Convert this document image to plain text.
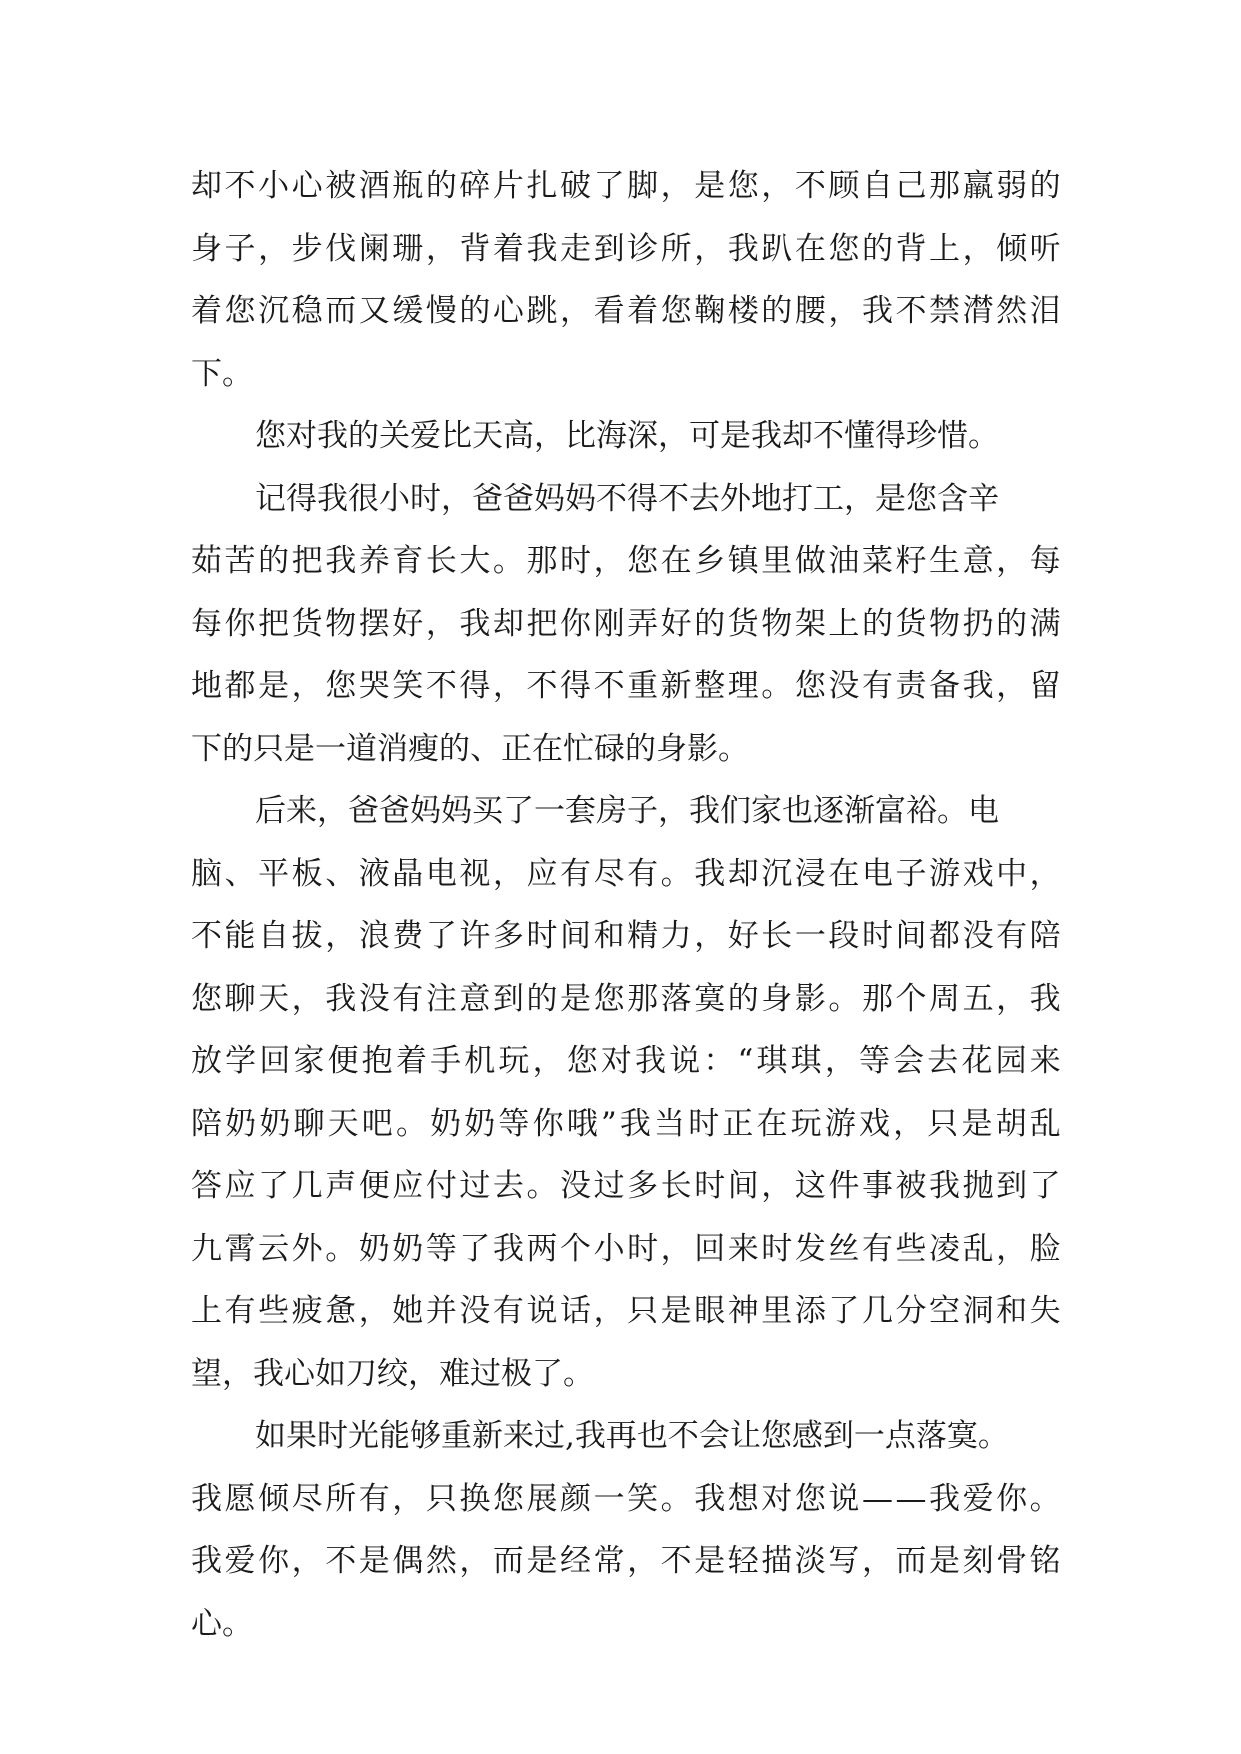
却 不 小 心 被 酒 瓶 的 碎 片 扎 破 了 脚 ， 是 您 ， 不 顾 自 己 那 羸 弱 的
身 子 ， 步 伐 阑 珊 ， 背 着 我 走 到 诊 所 ， 我 趴 在 您 的 背 上 ， 倾 听
着 您 沉 稳 而 又 缓 慢 的 心 跳 ， 看 着 您 鞠 楼 的 腰 ， 我 不 禁 潸 然 泪
下。
您对我的关爱比天高，比海深，可是我却不懂得珍惜。
记得我很小时，爸爸妈妈不得不去外地打工，是您含辛
茹 苦 的 把 我 养 育 长 大 。 那 时 ， 您 在 乡 镇 里 做 油 菜 籽 生 意 ， 每
每 你 把 货 物 摆 好 ， 我 却 把 你 刚 弄 好 的 货 物 架 上 的 货 物 扔 的 满
地 都 是 ， 您 哭 笑 不 得 ， 不 得 不 重 新 整 理 。 您 没 有 责 备 我 ， 留
下的只是一道消瘦的、正在忙碌的身影。
后来，爸爸妈妈买了一套房子，我们家也逐渐富裕。电
脑 、 平 板 、 液 晶 电 视 ， 应 有 尽 有 。 我 却 沉 浸 在 电 子 游 戏 中 ，
不 能 自 拔 ， 浪 费 了 许 多 时 间 和 精 力 ， 好 长 一 段 时 间 都 没 有 陪
您 聊 天 ， 我 没 有 注 意 到 的 是 您 那 落 寞 的 身 影 。 那 个 周 五 ， 我
放 学 回 家 便 抱 着 手 机 玩 ， 您 对 我 说 ： “ 琪 琪 ， 等 会 去 花 园 来
陪 奶 奶 聊 天 吧 。 奶 奶 等 你 哦 ” 我 当 时 正 在 玩 游 戏 ， 只 是 胡 乱
答 应 了 几 声 便 应 付 过 去 。 没 过 多 长 时 间 ， 这 件 事 被 我 抛 到 了
九 霄 云 外 。 奶 奶 等 了 我 两 个 小 时 ， 回 来 时 发 丝 有 些 凌 乱 ， 脸
上 有 些 疲 惫 ， 她 并 没 有 说 话 ， 只 是 眼 神 里 添 了 几 分 空 洞 和 失
望，我心如刀绞，难过极了。
如果时光能够重新来过,我再也不会让您感到一点落寞。
我 愿 倾 尽 所 有 ， 只 换 您 展 颜 一 笑 。 我 想 对 您 说 — — 我 爱 你 。
我 爱 你 ， 不 是 偶 然 ， 而 是 经 常 ， 不 是 轻 描 淡 写 ， 而 是 刻 骨 铭
心。
